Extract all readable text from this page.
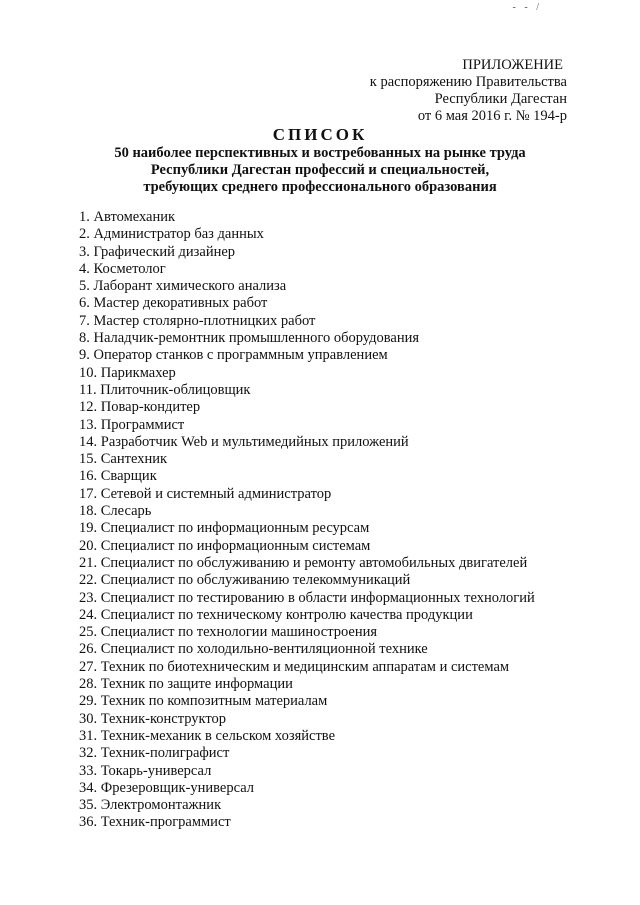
- - /
ПРИЛОЖЕНИЕ
к распоряжению Правительства
Республики Дагестан
от 6 мая 2016 г. № 194-р
СПИСОК
50 наиболее перспективных и востребованных на рынке труда
Республики Дагестан профессий и специальностей,
требующих среднего профессионального образования
1. Автомеханик
2. Администратор баз данных
3. Графический дизайнер
4. Косметолог
5. Лаборант химического анализа
6. Мастер декоративных работ
7. Мастер столярно-плотницких работ
8. Наладчик-ремонтник промышленного оборудования
9. Оператор станков с программным управлением
10. Парикмахер
11. Плиточник-облицовщик
12. Повар-кондитер
13. Программист
14. Разработчик Web и мультимедийных приложений
15. Сантехник
16. Сварщик
17. Сетевой и системный администратор
18. Слесарь
19. Специалист по информационным ресурсам
20. Специалист по информационным системам
21. Специалист по обслуживанию и ремонту автомобильных двигателей
22. Специалист по обслуживанию телекоммуникаций
23. Специалист по тестированию в области информационных технологий
24. Специалист по техническому контролю качества продукции
25. Специалист по технологии машиностроения
26. Специалист по холодильно-вентиляционной технике
27. Техник по биотехническим и медицинским аппаратам и системам
28. Техник по защите информации
29. Техник по композитным материалам
30. Техник-конструктор
31. Техник-механик в сельском хозяйстве
32. Техник-полиграфист
33. Токарь-универсал
34. Фрезеровщик-универсал
35. Электромонтажник
36. Техник-программист
